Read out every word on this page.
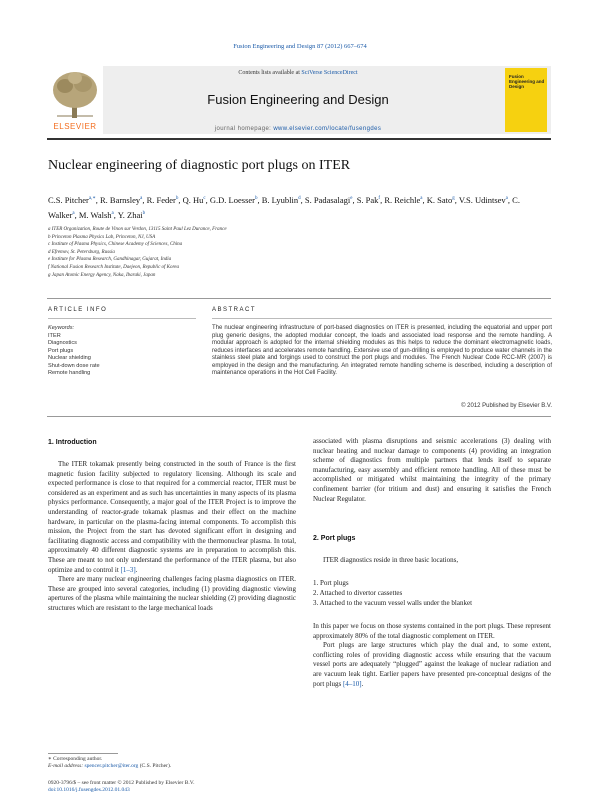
Fusion Engineering and Design 87 (2012) 667–674
ELSEVIER
Contents lists available at SciVerse ScienceDirect
Fusion Engineering and Design
journal homepage: www.elsevier.com/locate/fusengdes
Fusion Engineering and Design
Nuclear engineering of diagnostic port plugs on ITER
C.S. Pitcher$^{a,∗}$, R. Barnsley$^a$, R. Feder$^b$, Q. Hu$^c$, G.D. Loesser$^b$, B. Lyublin$^d$, S. Padasalagi$^e$, S. Pak$^f$, R. Reichle$^a$, K. Sato$^g$, V.S. Udintsev$^a$, C. Walker$^a$, M. Walsh$^a$, Y. Zhai$^b$
a ITER Organization, Route de Vinon sur Verdon, 13115 Saint Paul Lez Durance, France
b Princeton Plasma Physics Lab, Princeton, NJ, USA
c Institute of Plasma Physics, Chinese Academy of Sciences, China
d Efremov, St. Petersburg, Russia
e Institute for Plasma Research, Gandhinagar, Gujarat, India
f National Fusion Research Institute, Daejeon, Republic of Korea
g Japan Atomic Energy Agency, Naka, Ibaraki, Japan
ARTICLE INFO
Keywords:
ITER
Diagnostics
Port plugs
Nuclear shielding
Shut-down dose rate
Remote handling
ABSTRACT
The nuclear engineering infrastructure of port-based diagnostics on ITER is presented, including the equatorial and upper port plug generic designs, the adopted modular concept, the loads and associated load response and the remote handling. A modular approach is adopted for the internal shielding modules as this helps to reduce the dominant electromagnetic loads, reduces interfaces and accelerates remote handling. Extensive use of gun-drilling is employed to produce water channels in the stainless steel plate and forgings used to construct the port plugs and modules. The French Nuclear Code RCC-MR (2007) is employed in the design and the manufacturing. An integrated remote handling scheme is described, including a description of maintenance operations in the Hot Cell Facility.
© 2012 Published by Elsevier B.V.
1. Introduction

The ITER tokamak presently being constructed in the south of France is the first magnetic fusion facility subjected to regulatory licensing. Although its scale and expected performance is close to that required for a commercial reactor, ITER must be considered as an experiment and as such has uncertainties in many aspects of its plasma physics performance. Consequently, a major goal of the ITER Project is to improve the understanding of reactor-grade tokamak plasmas and their effect on the machine hardware, in particular on the plasma-facing internal components. To accomplish this mission, the Project from the start has devoted significant effort in designing and facilitating diagnostic access and compatibility with the thermonuclear plasma. In total, approximately 40 different diagnostic systems are in preparation to accomplish this. These are meant to not only understand the performance of the ITER plasma, but also optimize and to control it [1–3].

There are many nuclear engineering challenges facing plasma diagnostics on ITER. These are grouped into several categories, including (1) providing diagnostic viewing apertures of the plasma while maintaining the nuclear shielding (2) providing diagnostic structures which are resistant to the large mechanical loads

associated with plasma disruptions and seismic accelerations (3) dealing with nuclear heating and nuclear damage to components (4) providing an integration scheme of diagnostics from multiple partners that lends itself to separate manufacturing, easy assembly and efficient remote handling. All of these must be accomplished or mitigated whilst maintaining the integrity of the primary confinement barrier (for tritium and dust) and ensuring it satisfies the French Nuclear Regulator.

2. Port plugs

ITER diagnostics reside in three basic locations,

1. Port plugs
2. Attached to divertor cassettes
3. Attached to the vacuum vessel walls under the blanket

In this paper we focus on those systems contained in the port plugs. These represent approximately 80% of the total diagnostic complement on ITER.

Port plugs are large structures which play the dual and, to some extent, conflicting roles of providing diagnostic access while ensuring that the vacuum vessel ports are adequately “plugged” against the leakage of nuclear radiation and are vacuum leak tight. Earlier papers have presented pre-conceptual designs of the port plugs [4–10].

∗ Corresponding author.
E-mail address: spencer.pitcher@iter.org (C.S. Pitcher).
0920-3796/$ – see front matter © 2012 Published by Elsevier B.V.
doi:10.1016/j.fusengdes.2012.01.043
